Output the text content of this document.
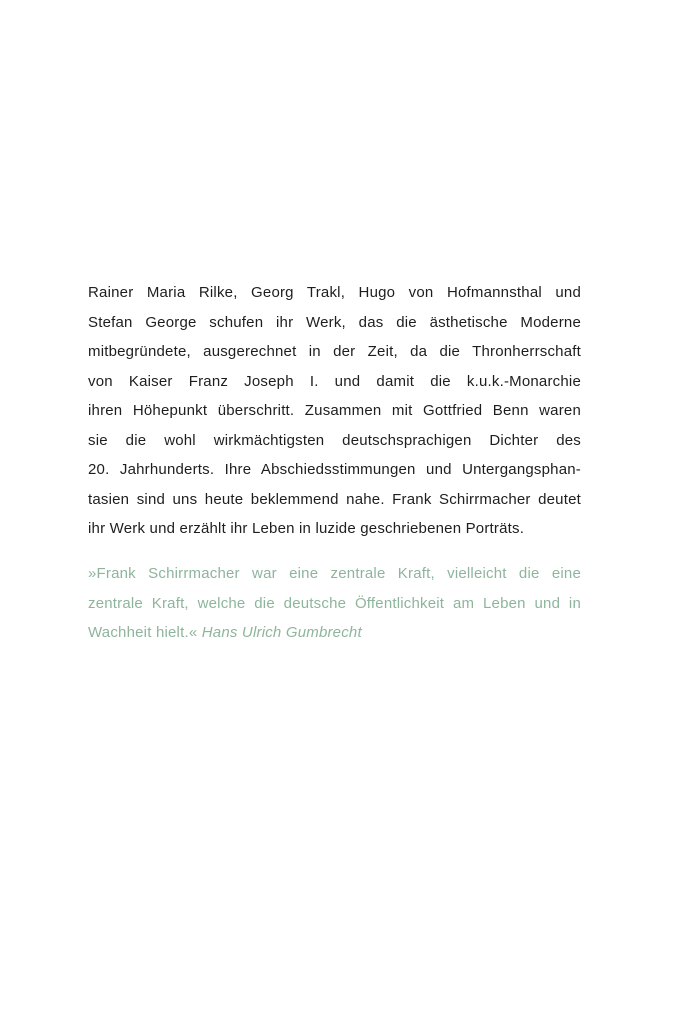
Rainer Maria Rilke, Georg Trakl, Hugo von Hofmannsthal und
Stefan George schufen ihr Werk, das die ästhetische Moderne
mitbegründete, ausgerechnet in der Zeit, da die Thronherrschaft
von Kaiser Franz Joseph I. und damit die k.u.k.-Monarchie
ihren Höhepunkt überschritt. Zusammen mit Gottfried Benn waren
sie die wohl wirkmächtigsten deutschsprachigen Dichter des
20. Jahrhunderts. Ihre Abschiedsstimmungen und Untergangsphan-
tasien sind uns heute beklemmend nahe. Frank Schirrmacher deutet
ihr Werk und erzählt ihr Leben in luzide geschriebenen Porträts.
»Frank Schirrmacher war eine zentrale Kraft, vielleicht die eine
zentrale Kraft, welche die deutsche Öffentlichkeit am Leben und in
Wachheit hielt.« Hans Ulrich Gumbrecht
